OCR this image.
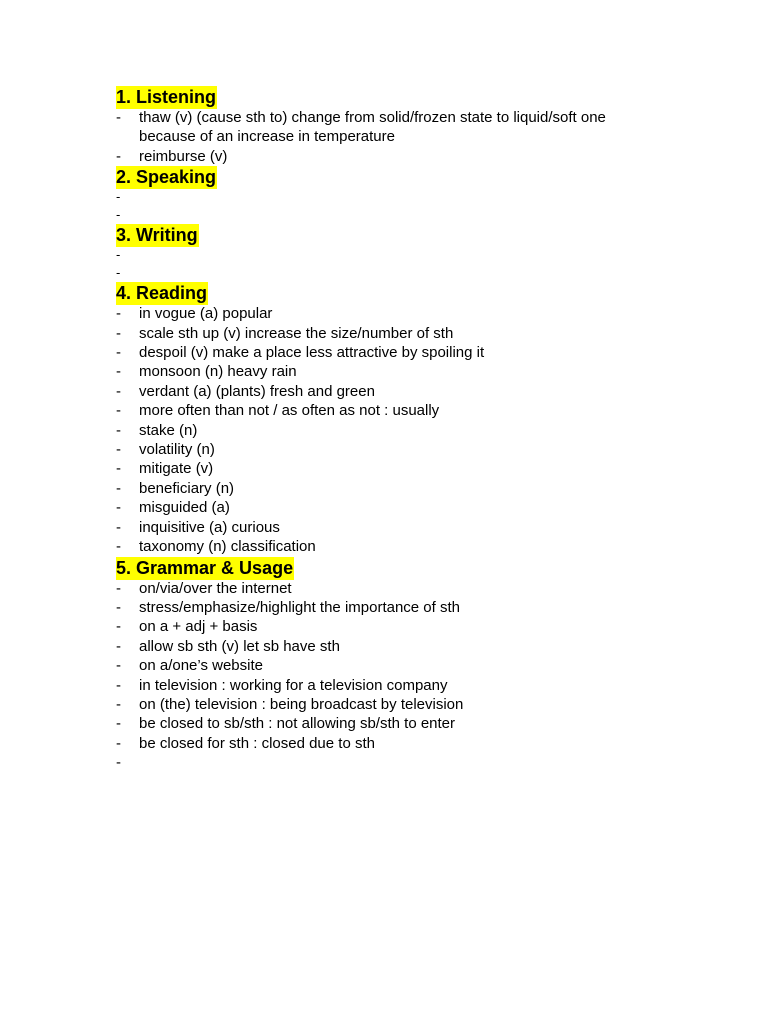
1. Listening
- thaw (v) (cause sth to) change from solid/frozen state to liquid/soft one because of an increase in temperature
- reimburse (v)
2. Speaking
-
-
3. Writing
-
-
4. Reading
- in vogue (a) popular
- scale sth up (v) increase the size/number of sth
- despoil (v) make a place less attractive by spoiling it
- monsoon (n) heavy rain
- verdant (a) (plants) fresh and green
- more often than not / as often as not : usually
- stake (n)
- volatility (n)
- mitigate (v)
- beneficiary (n)
- misguided (a)
- inquisitive (a) curious
- taxonomy (n) classification
5. Grammar & Usage
- on/via/over the internet
- stress/emphasize/highlight the importance of sth
- on a + adj + basis
- allow sb sth (v) let sb have sth
- on a/one’s website
- in television : working for a television company
- on (the) television : being broadcast by television
- be closed to sb/sth : not allowing sb/sth to enter
- be closed for sth : closed due to sth
-
